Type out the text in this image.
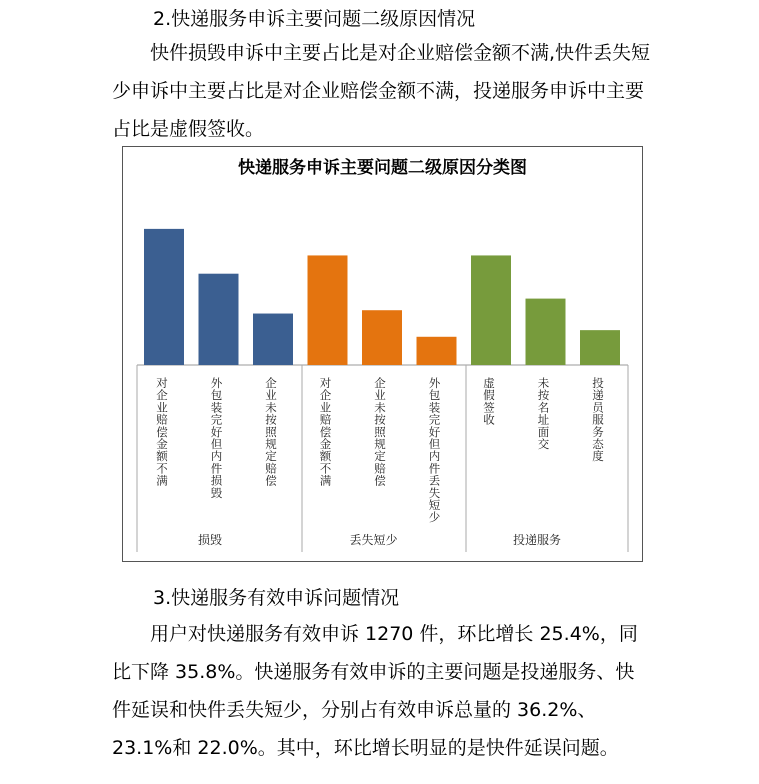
2.快递服务申诉主要问题二级原因情况

快件损毁申诉中主要占比是对企业赔偿金额不满,快件丢失短少申诉中主要占比是对企业赔偿金额不满，投递服务申诉中主要占比是虚假签收。

快递服务申诉主要问题二级原因分类图
对企业赔偿金额不满
外包装完好但内件损毁
企业未按照规定赔偿
损毁
对企业赔偿金额不满
企业未按照规定赔偿
外包装完好但内件丢失短少
丢失短少
虚假签收
未按名址面交
投递员服务态度
投递服务

3.快递服务有效申诉问题情况

用户对快递服务有效申诉 1270 件，环比增长 25.4%，同比下降 35.8%。快递服务有效申诉的主要问题是投递服务、快件延误和快件丢失短少，分别占有效申诉总量的 36.2%、23.1%和 22.0%。其中，环比增长明显的是快件延误问题。
